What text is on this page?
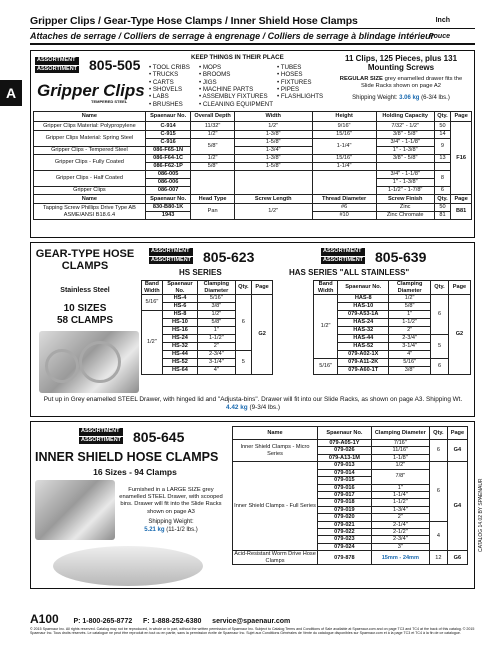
Gripper Clips / Gear-Type Hose Clamps / Inner Shield Hose Clamps	Inch
Attaches de serrage / Colliers de serrage à engrenage / Colliers de serrage à blindage intérieur
Pouce
A
ASSORTMENT
ASSORTIMENT 805-505
Gripper Clips
TEMPERED STEEL
KEEP THINGS IN THEIR PLACE
• TOOL CRIBS
• TRUCKS
• CARTS
• SHOVELS
• LABS
• BRUSHES
• MOPS
• BROOMS
• JIGS
• MACHINE PARTS
• ASSEMBLY FIXTURES
• CLEANING EQUIPMENT
• TUBES
• HOSES
• FIXTURES
• PIPES
• FLASHLIGHTS
11 Clips, 125 Pieces, plus 131 Mounting Screws
REGULAR SIZE grey enamelled drawer fits the Slide Racks shown on page A2
Shipping Weight: 3.06 kg (6-3/4 lbs.)
Name	Spaenaur No.	Overall Depth	Width	Height	Holding Capacity	Qty.	Page
Gripper Clips Material: Polypropylene	C-914	11/32"	1/2"	9/16"	7/32" - 1/2"	50	F16
Gripper Clips Material: Spring Steel	C-915	1/2"	1-3/8"	15/16"	3/8" - 5/8"	14	
	C-916	5/8"	1-5/8"	1-1/4"	3/4" - 1-1/8"	9	
Gripper Clips - Tempered Steel	086-F65-1N		1-3/4"		1" - 1-3/8"		
Gripper Clips - Fully Coated	086-F64-1C	1/2"	1-3/8"	15/16"	3/8" - 5/8"	13	
	086-F62-1P	5/8"	1-5/8"	1-1/4"			
Gripper Clips - Half Coated	086-005				3/4" - 1-1/8"	8	
	086-006				1" - 1-3/8"		
Gripper Clips	086-007				1-1/2" - 1-7/8"	6	
Name	Spaenaur No.	Head Type	Screw Length	Thread Diameter	Screw Finish	Qty.	Page
Tapping Screw Phillips Drive Type AB ASME/ANSI B18.6.4	830-B80-1K	Pan	1/2"	#6	Zinc	50	B81
	1943			#10	Zinc Chromate	81	
GEAR-TYPE HOSE CLAMPS
Stainless Steel
10 SIZES
58 CLAMPS
ASSORTMENT
ASSORTIMENT 805-623
HS SERIES
ASSORTMENT
ASSORTIMENT 805-639
HAS SERIES "ALL STAINLESS"
Band Width	Spaenaur No.	Clamping Diameter	Qty.	Page
5/16"	HS-4	5/16"	6	G2
	HS-6	3/8"		
1/2"	HS-8	1/2"		
	HS-10	5/8"		
	HS-16	1"		
	HS-24	1-1/2"		
	HS-32	2"		
	HS-44	2-3/4"	5	
	HS-52	3-1/4"		
	HS-64	4"		
Band Width	Spaenaur No.	Clamping Diameter	Qty.	Page
1/2"	HAS-8	1/2"	6	G2
	HAS-10	5/8"		
	079-A53-1A	1"		
	HAS-24	1-1/2"		
	HAS-32	2"		
	HAS-44	2-3/4"	5	
	HAS-52	3-1/4"		
	079-A02-1X	4"		
5/16"	079-A11-2K	5/16"	6	
	079-A60-1T	3/8"		
Put up in Grey enamelled STEEL Drawer, with hinged lid and "Adjusta-bins". Drawer will fit into our Slide Racks, as shown on page A3. Shipping Wt. 4.42 kg (9-3/4 lbs.)
ASSORTMENT
ASSORTIMENT 805-645
INNER SHIELD HOSE CLAMPS
16 Sizes - 94 Clamps
Furnished in a LARGE SIZE grey enamelled STEEL Drawer, with scooped bins. Drawer will fit into the Slide Racks shown on page A3
Shipping Weight:
5.21 kg (11-1/2 lbs.)
Name	Spaenaur No.	Clamping Diameter	Qty.	Page
Inner Shield Clamps - Micro Series	079-A05-1Y	7/16"	6	G4
	079-026	11/16"		
	079-A13-1M	1-1/8"		
Inner Shield Clamps - Full Series	079-013	1/2"	6	G4
	079-014	7/8"		
	079-015			
	079-016	1"		
	079-017	1-1/4"		
	079-018	1-1/2"		
	079-019	1-3/4"		
	079-020	2"		
	079-021	2-1/4"	4	
	079-022	2-1/2"		
	079-023	2-3/4"		
	079-024	3"		
Acid-Resistant Worm Drive Hose Clamps	079-878	15mm - 24mm	12	G6
CATALOG 14.02 BY SPAENAUR
A100 P: 1-800-265-8772 F: 1-888-252-6380 service@spaenaur.com
© 2015 Spaenaur Inc. All rights reserved. Catalog may not be reproduced, in whole or in part, without the written permission of Spaenaur Inc. Subject to Catalog Terms and Conditions of Sale available at Spaenaur.com and on page TC3 and TC4 at the back of this catalog. © 2015 Spaenaur Inc. Tous droits réservés. Le catalogue ne peut être reproduit en tout ou en partie, sans la permission écrite de Spaenaur Inc. Sujet aux Conditions Générales de Vente du catalogue disponibles sur Spaenaur.com et à la page TC3 et TC4 à la fin de ce catalogue.
